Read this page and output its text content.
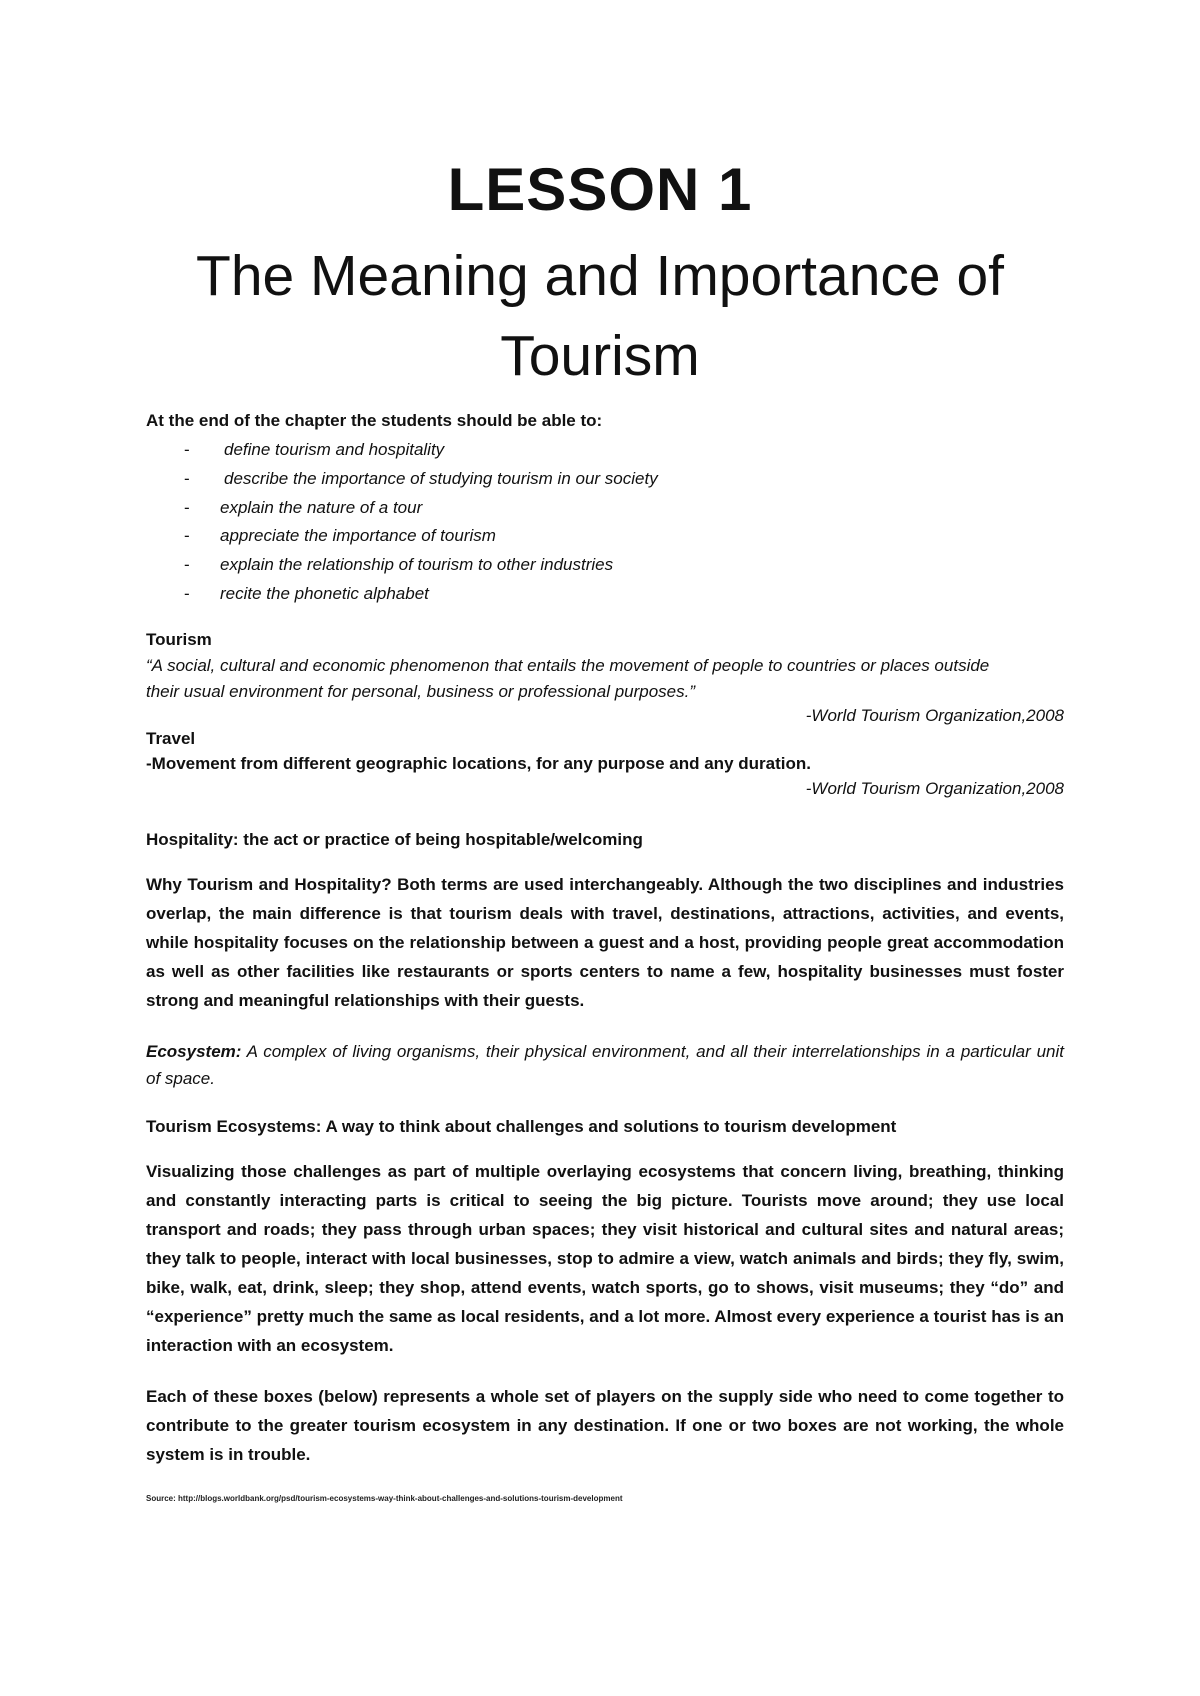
LESSON 1
The Meaning and Importance of
Tourism
At the end of the chapter the students should be able to:
- define tourism and hospitality
- describe the importance of studying tourism in our society
- explain the nature of a tour
- appreciate the importance of tourism
- explain the relationship of tourism to other industries
- recite the phonetic alphabet
Tourism
“A social, cultural and economic phenomenon that entails the movement of people to countries or places outside
their usual environment for personal, business or professional purposes.”
-World Tourism Organization,2008
Travel
-Movement from different geographic locations, for any purpose and any duration.
-World Tourism Organization,2008
Hospitality: the act or practice of being hospitable/welcoming
Why Tourism and Hospitality? Both terms are used interchangeably. Although the two disciplines and industries overlap, the main difference is that tourism deals with travel, destinations, attractions, activities, and events, while hospitality focuses on the relationship between a guest and a host, providing people great accommodation as well as other facilities like restaurants or sports centers to name a few, hospitality businesses must foster strong and meaningful relationships with their guests.
Ecosystem: A complex of living organisms, their physical environment, and all their interrelationships in a particular unit of space.
Tourism Ecosystems: A way to think about challenges and solutions to tourism development
Visualizing those challenges as part of multiple overlaying ecosystems that concern living, breathing, thinking and constantly interacting parts is critical to seeing the big picture. Tourists move around; they use local transport and roads; they pass through urban spaces; they visit historical and cultural sites and natural areas; they talk to people, interact with local businesses, stop to admire a view, watch animals and birds; they fly, swim, bike, walk, eat, drink, sleep; they shop, attend events, watch sports, go to shows, visit museums; they “do” and “experience” pretty much the same as local residents, and a lot more. Almost every experience a tourist has is an interaction with an ecosystem.
Each of these boxes (below) represents a whole set of players on the supply side who need to come together to contribute to the greater tourism ecosystem in any destination. If one or two boxes are not working, the whole system is in trouble.
Source: http://blogs.worldbank.org/psd/tourism-ecosystems-way-think-about-challenges-and-solutions-tourism-development
